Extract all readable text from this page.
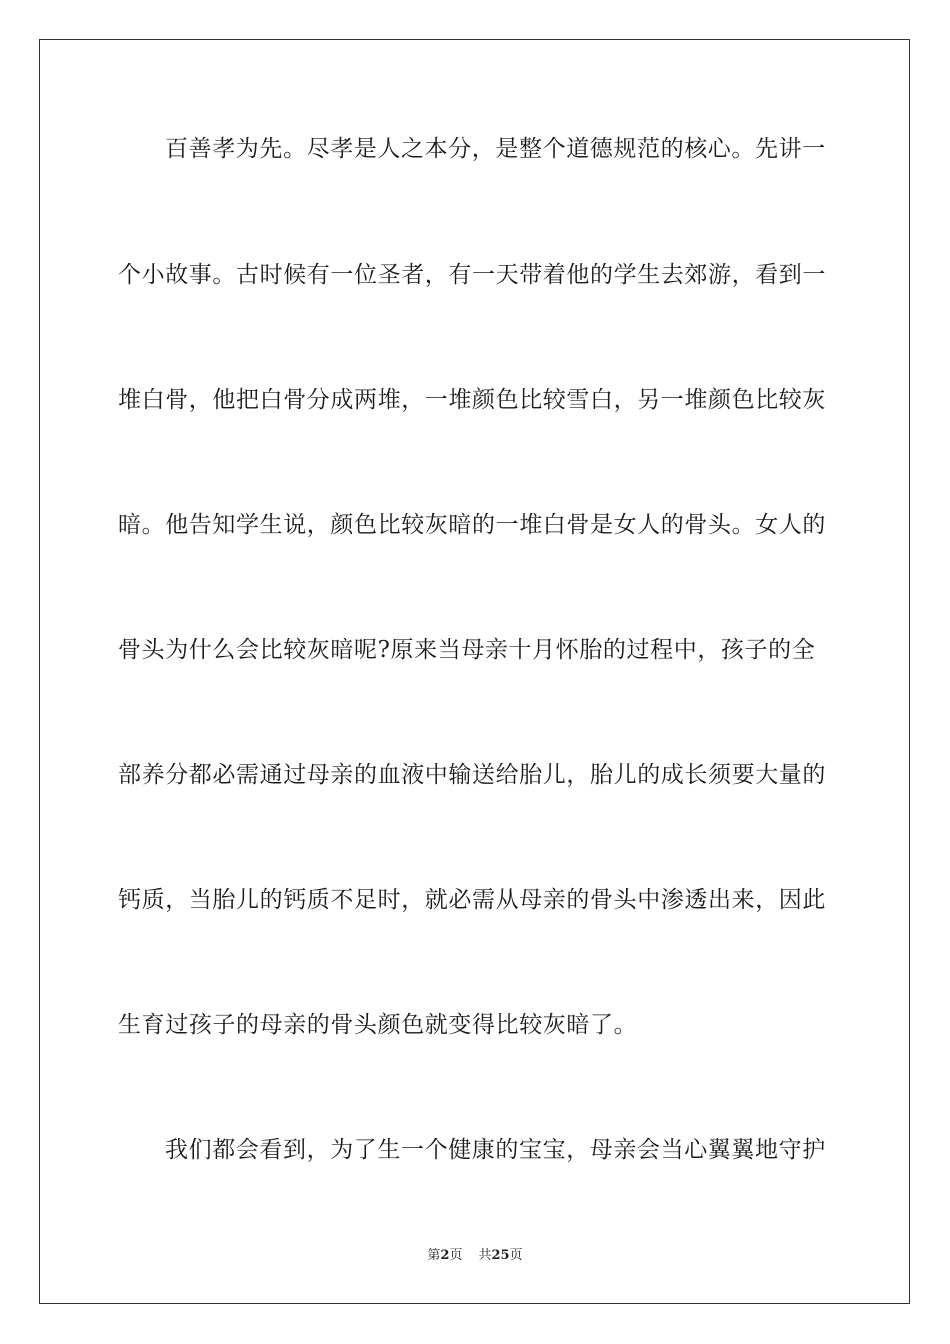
百善孝为先。尽孝是人之本分，是整个道德规范的核心。先讲一
个小故事。古时候有一位圣者，有一天带着他的学生去郊游，看到一
堆白骨，他把白骨分成两堆，一堆颜色比较雪白，另一堆颜色比较灰
暗。他告知学生说，颜色比较灰暗的一堆白骨是女人的骨头。女人的
骨头为什么会比较灰暗呢?原来当母亲十月怀胎的过程中，孩子的全
部养分都必需通过母亲的血液中输送给胎儿，胎儿的成长须要大量的
钙质，当胎儿的钙质不足时，就必需从母亲的骨头中渗透出来，因此
生育过孩子的母亲的骨头颜色就变得比较灰暗了。
我们都会看到，为了生一个健康的宝宝，母亲会当心翼翼地守护
第2页 共25页
